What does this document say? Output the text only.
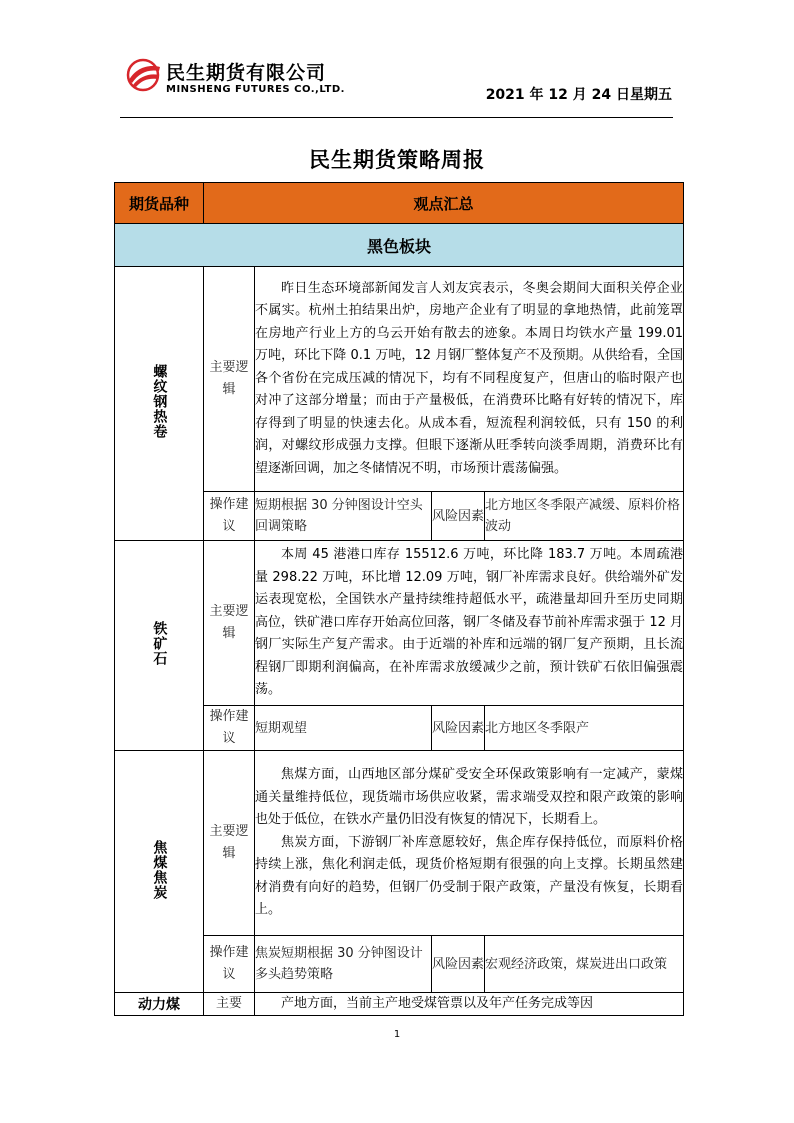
民生期货有限公司
MINSHENG FUTURES CO.,LTD.	2021 年 12 月 24 日星期五
民生期货策略周报
期货品种	观点汇总			
黑色板块				
螺纹钢热卷	主要逻辑	昨日生态环境部新闻发言人刘友宾表示，冬奥会期间大面积关停企业不属实。杭州土拍结果出炉，房地产企业有了明显的拿地热情，此前笼罩在房地产行业上方的乌云开始有散去的迹象。本周日均铁水产量 199.01 万吨，环比下降 0.1 万吨，12 月钢厂整体复产不及预期。从供给看，全国各个省份在完成压减的情况下，均有不同程度复产，但唐山的临时限产也对冲了这部分增量；而由于产量极低，在消费环比略有好转的情况下，库存得到了明显的快速去化。从成本看，短流程利润较低，只有 150 的利润，对螺纹形成强力支撑。但眼下逐渐从旺季转向淡季周期，消费环比有望逐渐回调，加之冬储情况不明，市场预计震荡偏强。		

	操作建议	短期根据 30 分钟图设计空头回调策略	风险因素	北方地区冬季限产减缓、原料价格波动
铁矿石	主要逻辑	本周 45 港港口库存 15512.6 万吨，环比降 183.7 万吨。本周疏港量 298.22 万吨，环比增 12.09 万吨，钢厂补库需求良好。供给端外矿发运表现宽松，全国铁水产量持续维持超低水平，疏港量却回升至历史同期高位，铁矿港口库存开始高位回落，钢厂冬储及春节前补库需求强于 12 月钢厂实际生产复产需求。由于近端的补库和远端的钢厂复产预期，且长流程钢厂即期利润偏高，在补库需求放缓减少之前，预计铁矿石依旧偏强震荡。		

	操作建议	短期观望	风险因素	北方地区冬季限产
焦煤焦炭	主要逻辑	焦煤方面，山西地区部分煤矿受安全环保政策影响有一定减产，蒙煤通关量维持低位，现货端市场供应收紧，需求端受双控和限产政策的影响也处于低位，在铁水产量仍旧没有恢复的情况下，长期看上。

焦炭方面，下游钢厂补库意愿较好，焦企库存保持低位，而原料价格持续上涨，焦化利润走低，现货价格短期有很强的向上支撑。长期虽然建材消费有向好的趋势，但钢厂仍受制于限产政策，产量没有恢复，长期看上。		

	操作建议	焦炭短期根据 30 分钟图设计多头趋势策略	风险因素	宏观经济政策，煤炭进出口政策
动力煤	主要	产地方面，当前主产地受煤管票以及年产任务完成等因		

1
